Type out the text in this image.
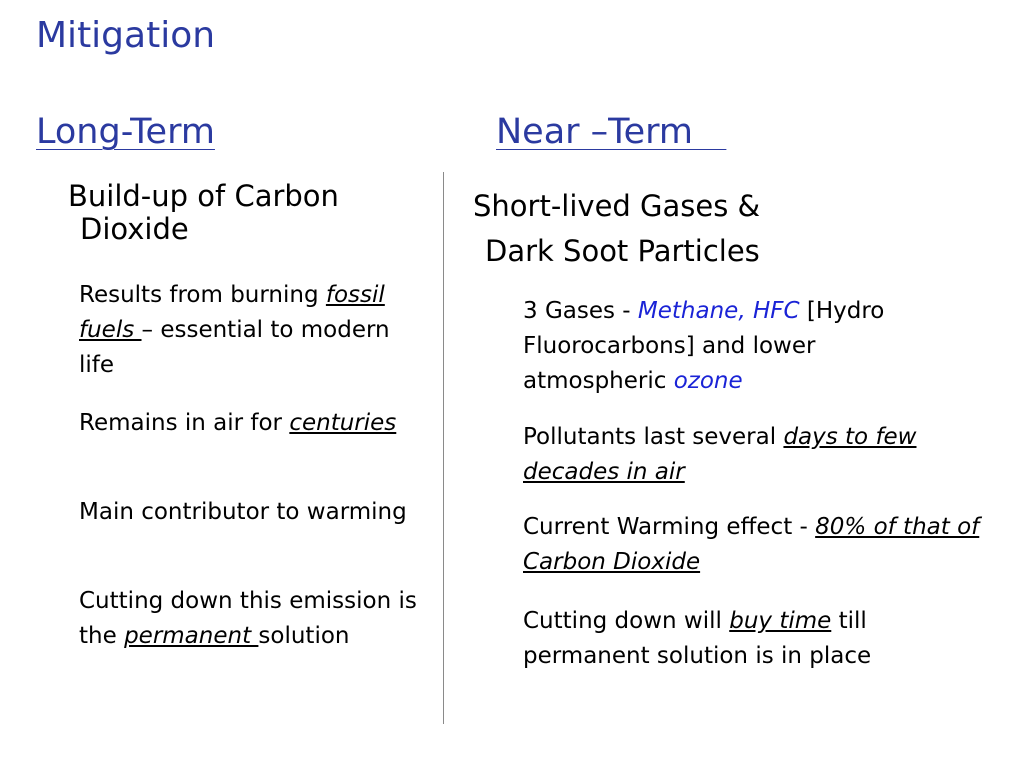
Mitigation
Long-Term	Near –Term
Build-up of Carbon
Dioxide
Results from burning fossil fuels – essential to modern life
Remains in air for centuries
Main contributor to warming
Cutting down this emission is the permanent solution
Short-lived Gases &
Dark Soot Particles
3 Gases - Methane, HFC [Hydro Fluorocarbons] and lower atmospheric ozone
Pollutants last several days to few decades in air
Current Warming effect - 80% of that of Carbon Dioxide
Cutting down will buy time till permanent solution is in place
